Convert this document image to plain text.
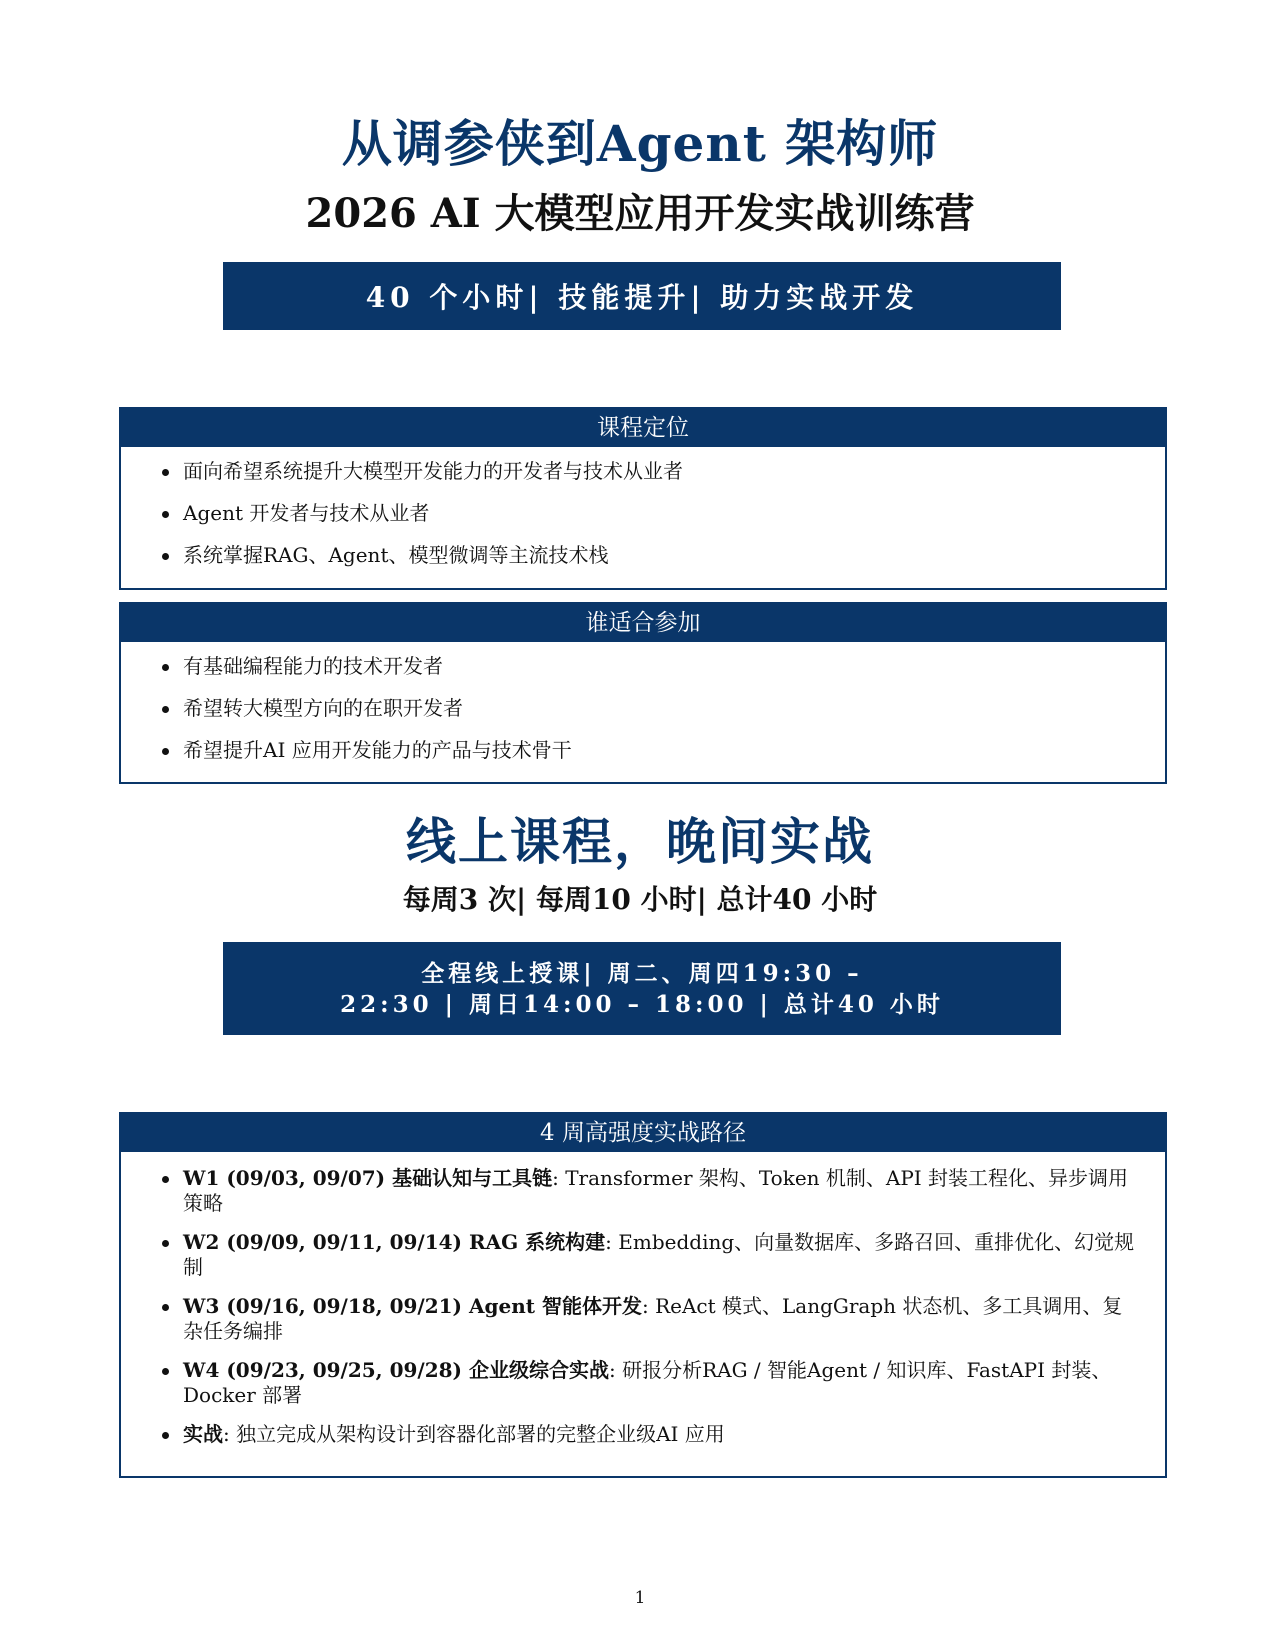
从调参侠到Agent 架构师
2026 AI 大模型应用开发实战训练营
40 个小时| 技能提升| 助力实战开发
课程定位
面向希望系统提升大模型开发能力的开发者与技术从业者
Agent 开发者与技术从业者
系统掌握RAG、Agent、模型微调等主流技术栈
谁适合参加
有基础编程能力的技术开发者
希望转大模型方向的在职开发者
希望提升AI 应用开发能力的产品与技术骨干
线上课程，晚间实战
每周3 次| 每周10 小时| 总计40 小时
全程线上授课| 周二、周四19:30 –
22:30 | 周日14:00 – 18:00 | 总计40 小时
4 周高强度实战路径
W1 (09/03, 09/07) 基础认知与工具链: Transformer 架构、Token 机制、API 封装工程化、异步调用策略
W2 (09/09, 09/11, 09/14) RAG 系统构建: Embedding、向量数据库、多路召回、重排优化、幻觉规制
W3 (09/16, 09/18, 09/21) Agent 智能体开发: ReAct 模式、LangGraph 状态机、多工具调用、复杂任务编排
W4 (09/23, 09/25, 09/28) 企业级综合实战: 研报分析RAG / 智能Agent / 知识库、FastAPI 封装、Docker 部署
实战: 独立完成从架构设计到容器化部署的完整企业级AI 应用
1
